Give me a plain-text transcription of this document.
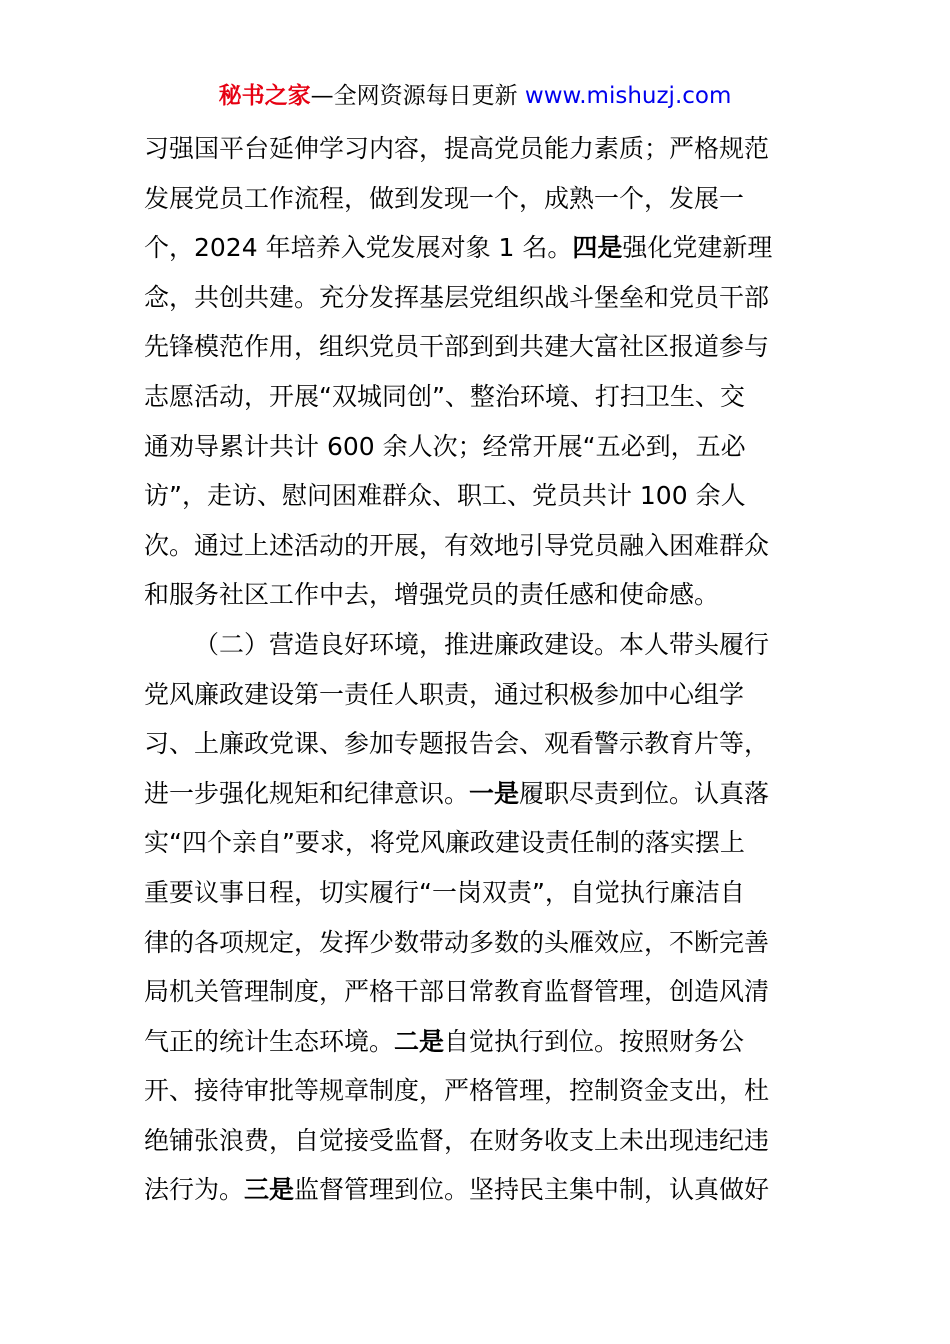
秘书之家—全网资源每日更新 www.mishuzj.com
习强国平台延伸学习内容，提高党员能力素质；严格规范
发展党员工作流程，做到发现一个，成熟一个，发展一
个，2024 年培养入党发展对象 1 名。四是强化党建新理
念，共创共建。充分发挥基层党组织战斗堡垒和党员干部
先锋模范作用，组织党员干部到到共建大富社区报道参与
志愿活动，开展“双城同创”、整治环境、打扫卫生、交
通劝导累计共计 600 余人次；经常开展“五必到，五必
访”，走访、慰问困难群众、职工、党员共计 100 余人
次。通过上述活动的开展，有效地引导党员融入困难群众
和服务社区工作中去，增强党员的责任感和使命感。
（二）营造良好环境，推进廉政建设。本人带头履行
党风廉政建设第一责任人职责，通过积极参加中心组学
习、上廉政党课、参加专题报告会、观看警示教育片等，
进一步强化规矩和纪律意识。一是履职尽责到位。认真落
实“四个亲自”要求，将党风廉政建设责任制的落实摆上
重要议事日程，切实履行“一岗双责”，自觉执行廉洁自
律的各项规定，发挥少数带动多数的头雁效应，不断完善
局机关管理制度，严格干部日常教育监督管理，创造风清
气正的统计生态环境。二是自觉执行到位。按照财务公
开、接待审批等规章制度，严格管理，控制资金支出，杜
绝铺张浪费，自觉接受监督，在财务收支上未出现违纪违
法行为。三是监督管理到位。坚持民主集中制，认真做好
